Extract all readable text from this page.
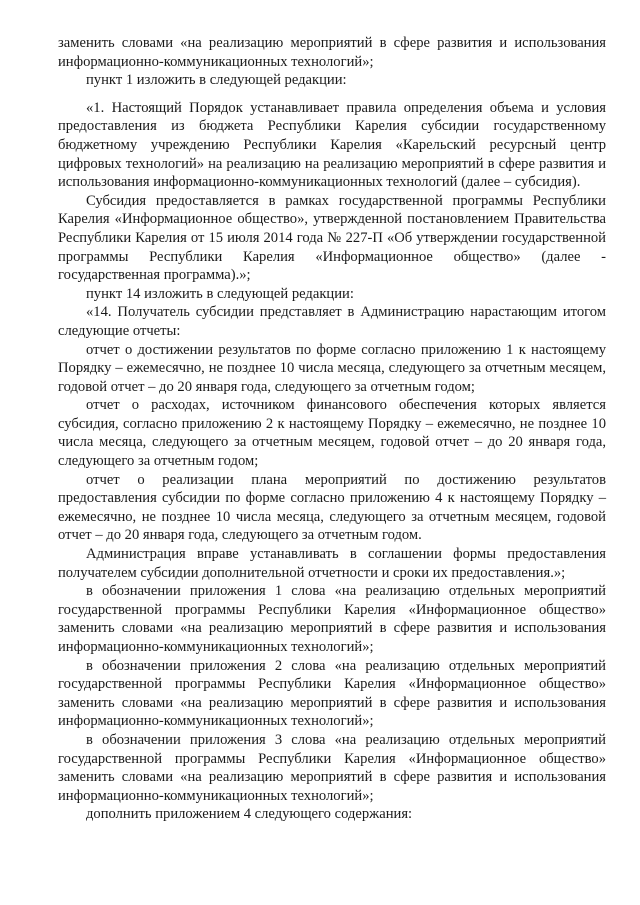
заменить словами «на реализацию мероприятий в сфере развития и использования информационно-коммуникационных технологий»;

пункт 1 изложить в следующей редакции:

«1. Настоящий Порядок устанавливает правила определения объема и условия предоставления из бюджета Республики Карелия субсидии государственному бюджетному учреждению Республики Карелия «Карельский ресурсный центр цифровых технологий» на реализацию на реализацию мероприятий в сфере развития и использования информационно-коммуникационных технологий (далее – субсидия).

Субсидия предоставляется в рамках государственной программы Республики Карелия «Информационное общество», утвержденной постановлением Правительства Республики Карелия от 15 июля 2014 года № 227-П «Об утверждении государственной программы Республики Карелия «Информационное общество» (далее - государственная программа).»;

пункт 14 изложить в следующей редакции:

«14. Получатель субсидии представляет в Администрацию нарастающим итогом следующие отчеты:

отчет о достижении результатов по форме согласно приложению 1 к настоящему Порядку – ежемесячно, не позднее 10 числа месяца, следующего за отчетным месяцем, годовой отчет – до 20 января года, следующего за отчетным годом;

отчет о расходах, источником финансового обеспечения которых является субсидия, согласно приложению 2 к настоящему Порядку – ежемесячно, не позднее 10 числа месяца, следующего за отчетным месяцем, годовой отчет – до 20 января года, следующего за отчетным годом;

отчет о реализации плана мероприятий по достижению результатов предоставления субсидии по форме согласно приложению 4 к настоящему Порядку – ежемесячно, не позднее 10 числа месяца, следующего за отчетным месяцем, годовой отчет – до 20 января года, следующего за отчетным годом.

Администрация вправе устанавливать в соглашении формы предоставления получателем субсидии дополнительной отчетности и сроки их предоставления.»;

в обозначении приложения 1 слова «на реализацию отдельных мероприятий государственной программы Республики Карелия «Информационное общество» заменить словами «на реализацию мероприятий в сфере развития и использования информационно-коммуникационных технологий»;

в обозначении приложения 2 слова «на реализацию отдельных мероприятий государственной программы Республики Карелия «Информационное общество» заменить словами «на реализацию мероприятий в сфере развития и использования информационно-коммуникационных технологий»;

в обозначении приложения 3 слова «на реализацию отдельных мероприятий государственной программы Республики Карелия «Информационное общество» заменить словами «на реализацию мероприятий в сфере развития и использования информационно-коммуникационных технологий»;

дополнить приложением 4 следующего содержания:
